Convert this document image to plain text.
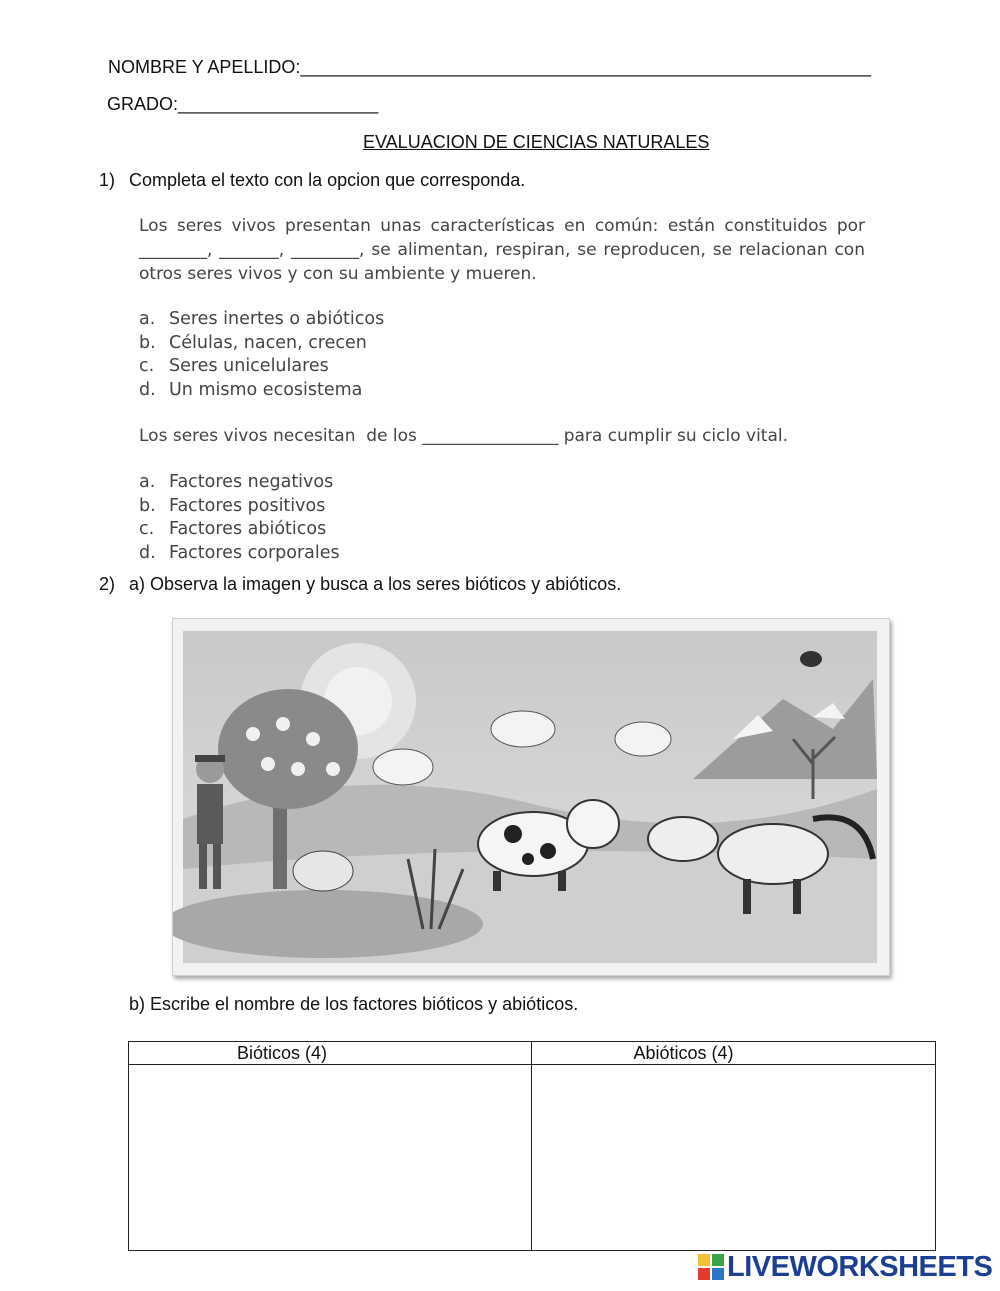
NOMBRE Y APELLIDO:_________________________________________________________
GRADO:____________________
EVALUACION DE CIENCIAS NATURALES
1) Completa el texto con la opcion que corresponda.
Los seres vivos presentan unas características en común: están constituidos por ________, _______, ________, se alimentan, respiran, se reproducen, se relacionan con otros seres vivos y con su ambiente y mueren.
a. Seres inertes o abióticos
b. Células, nacen, crecen
c. Seres unicelulares
d. Un mismo ecosistema
Los seres vivos necesitan  de los ________________ para cumplir su ciclo vital.
a. Factores negativos
b. Factores positivos
c. Factores abióticos
d. Factores corporales
2) a) Observa la imagen y busca a los seres bióticos y abióticos.
b) Escribe el nombre de los factores bióticos y abióticos.
Bióticos (4)	Abióticos (4)

LIVEWORKSHEETS
